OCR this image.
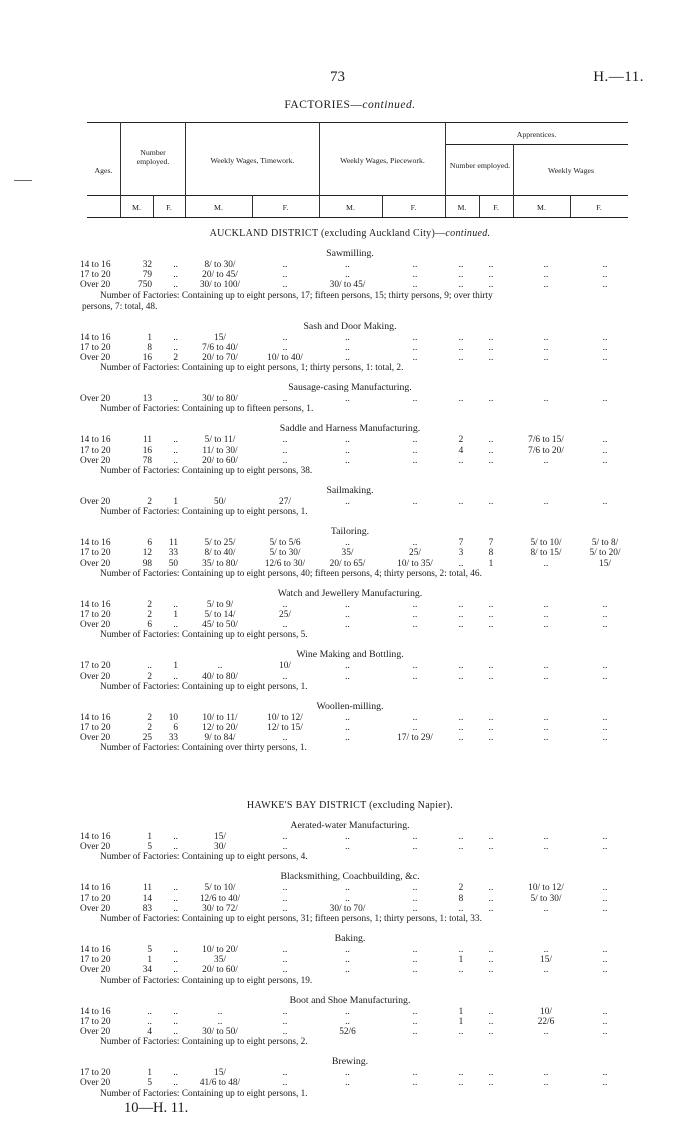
73	H.—11.
FACTORIES—continued.
Ages.
Number employed.	Weekly Wages, Timework.	Weekly Wages, Piecework.
Apprentices.
Number employed.
Weekly Wages
M.	F.	M.	F.	M.	F.	M.	F.	M.	F.
AUCKLAND DISTRICT (excluding Auckland City)—continued.
Sawmilling.
14 to 16	32	..	8/ to 30/	..	..	..	..	..	..	..
17 to 20	79	..	20/ to 45/	..	..	..	..	..	..	..
Over 20	750	..	30/ to 100/	..	30/ to 45/	..	..	..	..	..
Number of Factories: Containing up to eight persons, 17; fifteen persons, 15; thirty persons, 9; over thirty
persons, 7: total, 48.
Sash and Door Making.
14 to 16	1	..	15/	..	..	..	..	..	..	..
17 to 20	8	..	7/6 to 40/	..	..	..	..	..	..	..
Over 20	16	2	20/ to 70/	10/ to 40/	..	..	..	..	..	..
Number of Factories: Containing up to eight persons, 1; thirty persons, 1: total, 2.
Sausage-casing Manufacturing.
Over 20	13	..	30/ to 80/	..	..	..	..	..	..	..
Number of Factories: Containing up to fifteen persons, 1.
Saddle and Harness Manufacturing.
14 to 16	11	..	5/ to 11/	..	..	..	2	..	7/6 to 15/	..
17 to 20	16	..	11/ to 30/	..	..	..	4	..	7/6 to 20/	..
Over 20	78	..	20/ to 60/	..	..	..	..	..	..	..
Number of Factories: Containing up to eight persons, 38.
Sailmaking.
Over 20	2	1	50/	27/	..	..	..	..	..	..
Number of Factories: Containing up to eight persons, 1.
Tailoring.
14 to 16	6	11	5/ to 25/	5/ to 5/6	..	..	7	7	5/ to 10/	5/ to 8/
17 to 20	12	33	8/ to 40/	5/ to 30/	35/	25/	3	8	8/ to 15/	5/ to 20/
Over 20	98	50	35/ to 80/	12/6 to 30/	20/ to 65/	10/ to 35/	..	1	..	15/
Number of Factories: Containing up to eight persons, 40; fifteen persons, 4; thirty persons, 2: total, 46.
Watch and Jewellery Manufacturing.
14 to 16	2	..	5/ to 9/	..	..	..	..	..	..	..
17 to 20	2	1	5/ to 14/	25/	..	..	..	..	..	..
Over 20	6	..	45/ to 50/	..	..	..	..	..	..	..
Number of Factories: Containing up to eight persons, 5.
Wine Making and Bottling.
17 to 20	..	1	..	10/	..	..	..	..	..	..
Over 20	2	..	40/ to 80/	..	..	..	..	..	..	..
Number of Factories: Containing up to eight persons, 1.
Woollen-milling.
14 to 16	2	10	10/ to 11/	10/ to 12/	..	..	..	..	..	..
17 to 20	2	6	12/ to 20/	12/ to 15/	..	..	..	..	..	..
Over 20	25	33	9/ to 84/	..	..	17/ to 29/	..	..	..	..
Number of Factories: Containing over thirty persons, 1.
HAWKE'S BAY DISTRICT (excluding Napier).
Aerated-water Manufacturing.
14 to 16	1	..	15/	..	..	..	..	..	..	..
Over 20	5	..	30/	..	..	..	..	..	..	..
Number of Factories: Containing up to eight persons, 4.
Blacksmithing, Coachbuilding, &c.
14 to 16	11	..	5/ to 10/	..	..	..	2	..	10/ to 12/	..
17 to 20	14	..	12/6 to 40/	..	..	..	8	..	5/ to 30/	..
Over 20	83	..	30/ to 72/	..	30/ to 70/	..	..	..	..	..
Number of Factories: Containing up to eight persons, 31; fifteen persons, 1; thirty persons, 1: total, 33.
Baking.
14 to 16	5	..	10/ to 20/	..	..	..	..	..	..	..
17 to 20	1	..	35/	..	..	..	1	..	15/	..
Over 20	34	..	20/ to 60/	..	..	..	..	..	..	..
Number of Factories: Containing up to eight persons, 19.
Boot and Shoe Manufacturing.
14 to 16	..	..	..	..	..	..	1	..	10/	..
17 to 20	..	..	..	..	..	..	1	..	22/6	..
Over 20	4	..	30/ to 50/	..	52/6	..	..	..	..	..
Number of Factories: Containing up to eight persons, 2.
Brewing.
17 to 20	1	..	15/	..	..	..	..	..	..	..
Over 20	5	..	41/6 to 48/	..	..	..	..	..	..	..
Number of Factories: Containing up to eight persons, 1.
10—H. 11.
